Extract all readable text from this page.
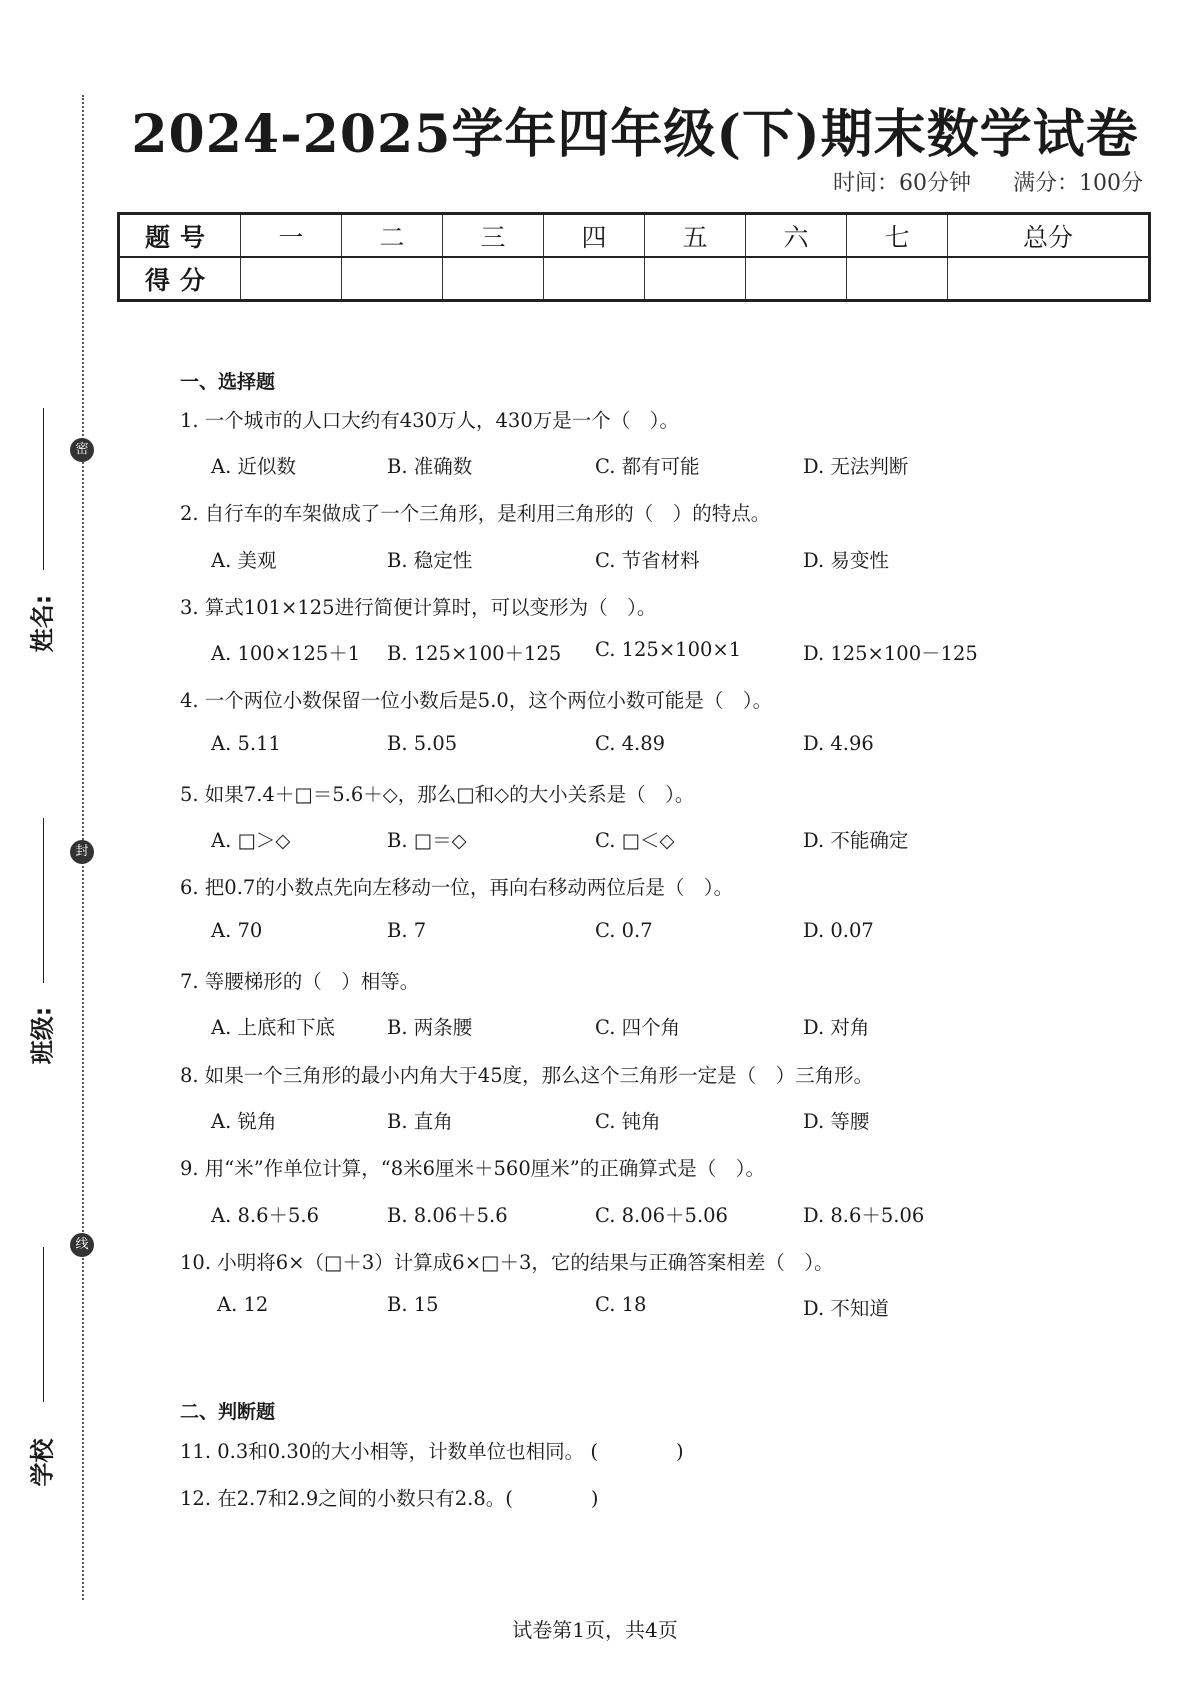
密
封
线
姓名:
班级:
学校
2024-2025学年四年级(下)期末数学试卷
时间：60分钟 满分：100分
题号	一	二	三	四	五	六	七	总分
得分								
一、选择题
1. 一个城市的人口大约有430万人，430万是一个（　）。
A. 近似数	B. 准确数	C. 都有可能	D. 无法判断
2. 自行车的车架做成了一个三角形，是利用三角形的（　）的特点。
A. 美观	B. 稳定性	C. 节省材料	D. 易变性
3. 算式101×125进行简便计算时，可以变形为（　）。
A. 100×125＋1 B. 125×100＋125 C. 125×100×1	D. 125×100－125
4. 一个两位小数保留一位小数后是5.0，这个两位小数可能是（　）。
A. 5.11	B. 5.05	C. 4.89	D. 4.96
5. 如果7.4＋□＝5.6＋◇，那么□和◇的大小关系是（　）。
A. □＞◇	B. □＝◇	C. □＜◇	D. 不能确定
6. 把0.7的小数点先向左移动一位，再向右移动两位后是（　）。
A. 70	B. 7	C. 0.7	D. 0.07
7. 等腰梯形的（　）相等。
A. 上底和下底	B. 两条腰	C. 四个角	D. 对角
8. 如果一个三角形的最小内角大于45度，那么这个三角形一定是（　）三角形。
A. 锐角	B. 直角	C. 钝角	D. 等腰
9. 用“米”作单位计算，“8米6厘米＋560厘米”的正确算式是（　）。
A. 8.6＋5.6	B. 8.06＋5.6	C. 8.06＋5.06	D. 8.6＋5.06
10. 小明将6×（□＋3）计算成6×□＋3，它的结果与正确答案相差（　）。
A. 12	B. 15	C. 18	D. 不知道
二、判断题
11. 0.3和0.30的大小相等，计数单位也相同。 (　　　　)
12. 在2.7和2.9之间的小数只有2.8。(　　　　)
试卷第1页，共4页
